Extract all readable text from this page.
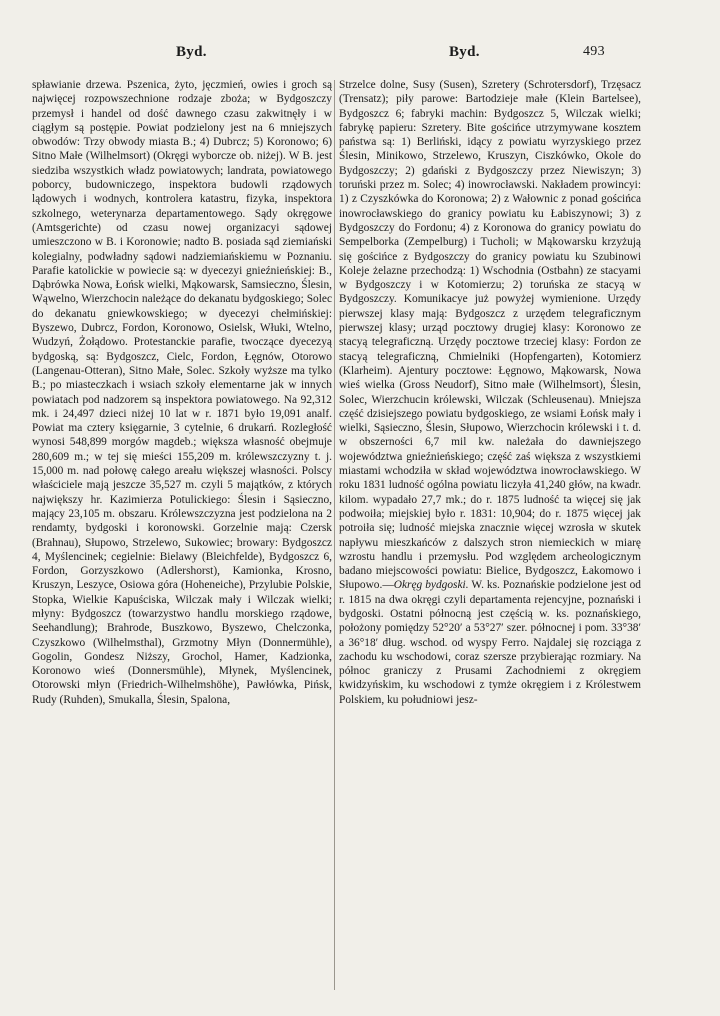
Byd.	Byd.	493

spławianie drzewa. Pszenica, żyto, jęczmień, owies i groch są najwięcej rozpowszechnione rodzaje zboża; w Bydgoszczy przemysł i handel od dość dawnego czasu zakwitnęły i w ciągłym są postępie. Powiat podzielony jest na 6 mniejszych obwodów: Trzy obwody miasta B.; 4) Dubrcz; 5) Koronowo; 6) Sitno Małe (Wilhelmsort) (Okręgi wyborcze ob. niżej). W B. jest siedziba wszystkich władz powiatowych; landrata, powiatowego poborcy, budowniczego, inspektora budowli rządowych lądowych i wodnych, kontrolera katastru, fizyka, inspektora szkolnego, weterynarza departamentowego. Sądy okręgowe (Amtsgerichte) od czasu nowej organizacyi sądowej umieszczono w B. i Koronowie; nadto B. posiada sąd ziemiański kolegialny, podwładny sądowi nadziemiańskiemu w Poznaniu. Parafie katolickie w powiecie są: w dyecezyi gnieźnieńskiej: B., Dąbrówka Nowa, Łońsk wielki, Mąkowarsk, Samsieczno, Ślesin, Wąwelno, Wierzchocin należące do dekanatu bydgoskiego; Solec do dekanatu gniewkowskiego; w dyecezyi chełmińskiej: Byszewo, Dubrcz, Fordon, Koronowo, Osielsk, Włuki, Wtelno, Wudzyń, Żołądowo. Protestanckie parafie, twoczące dyecezyą bydgoską, są: Bydgoszcz, Cielc, Fordon, Łęgnów, Otorowo (Langenau-Otteran), Sitno Małe, Solec. Szkoły wyższe ma tylko B.; po miasteczkach i wsiach szkoły elementarne jak w innych powiatach pod nadzorem są inspektora powiatowego. Na 92,312 mk. i 24,497 dzieci niżej 10 lat w r. 1871 było 19,091 analf. Powiat ma cztery księgarnie, 3 cytelnie, 6 drukarń. Rozległość wynosi 548,899 morgów magdeb.; większa własność obejmuje 280,609 m.; w tej się mieści 155,209 m. królewszczyzny t. j. 15,000 m. nad połowę całego areału większej własności. Polscy właściciele mają jeszcze 35,527 m. czyli 5 majątków, z których największy hr. Kazimierza Potulickiego: Ślesin i Sąsieczno, mający 23,105 m. obszaru. Królewszczyzna jest podzielona na 2 rendamty, bydgoski i koronowski. Gorzelnie mają: Czersk (Brahnau), Słupowo, Strzelewo, Sukowiec; browary: Bydgoszcz 4, Myślencinek; cegielnie: Bielawy (Bleichfelde), Bydgoszcz 6, Fordon, Gorzyszkowo (Adlershorst), Kamionka, Krosno, Kruszyn, Leszyce, Osiowa góra (Hoheneiche), Przylubie Polskie, Stopka, Wielkie Kapuściska, Wilczak mały i Wilczak wielki; młyny: Bydgoszcz (towarzystwo handlu morskiego rządowe, Seehandlung); Brahrode, Buszkowo, Byszewo, Chelczonka, Czyszkowo (Wilhelmsthal), Grzmotny Młyn (Donnermühle), Gogolin, Gondesz Niższy, Grochol, Hamer, Kadzionka, Koronowo wieś (Donnersmühle), Młynek, Myślencinek, Otorowski młyn (Friedrich-Wilhelmshöhe), Pawłówka, Pińsk, Rudy (Ruhden), Smukalla, Ślesin, Spalona,

Strzelce dolne, Susy (Susen), Szretery (Schrotersdorf), Trzęsacz (Trensatz); piły parowe: Bartodzieje małe (Klein Bartelsee), Bydgoszcz 6; fabryki machin: Bydgoszcz 5, Wilczak wielki; fabrykę papieru: Szretery. Bite gościńce utrzymywane kosztem państwa są: 1) Berliński, idący z powiatu wyrzyskiego przez Ślesin, Minikowo, Strzelewo, Kruszyn, Ciszkówko, Okole do Bydgoszczy; 2) gdański z Bydgoszczy przez Niewiszyn; 3) toruński przez m. Solec; 4) inowrocławski. Nakładem prowincyi: 1) z Czyszkówka do Koronowa; 2) z Wałownic z ponad gościńca inowrocławskiego do granicy powiatu ku Łabiszynowi; 3) z Bydgoszczy do Fordonu; 4) z Koronowa do granicy powiatu do Sempelborka (Zempelburg) i Tucholi; w Mąkowarsku krzyżują się gościńce z Bydgoszczy do granicy powiatu ku Szubinowi Koleje żelazne przechodzą: 1) Wschodnia (Ostbahn) ze stacyami w Bydgoszczy i w Kotomierzu; 2) toruńska ze stacyą w Bydgoszczy. Komunikacye już powyżej wymienione. Urzędy pierwszej klasy mają: Bydgoszcz z urzędem telegraficznym pierwszej klasy; urząd pocztowy drugiej klasy: Koronowo ze stacyą telegraficzną. Urzędy pocztowe trzeciej klasy: Fordon ze stacyą telegraficzną, Chmielniki (Hopfengarten), Kotomierz (Klarheim). Ajentury pocztowe: Łęgnowo, Mąkowarsk, Nowa wieś wielka (Gross Neudorf), Sitno małe (Wilhelmsort), Ślesin, Solec, Wierzchucin królewski, Wilczak (Schleusenau). Mniejsza część dzisiejszego powiatu bydgoskiego, ze wsiami Łońsk mały i wielki, Sąsieczno, Ślesin, Słupowo, Wierzchocin królewski i t. d. w obszerności 6,7 mil kw. należała do dawniejszego województwa gnieźnieńskiego; część zaś większa z wszystkiemi miastami wchodziła w skład województwa inowrocławskiego. W roku 1831 ludność ogólna powiatu liczyła 41,240 głów, na kwadr. kilom. wypadało 27,7 mk.; do r. 1875 ludność ta więcej się jak podwoiła; miejskiej było r. 1831: 10,904; do r. 1875 więcej jak potroiła się; ludność miejska znacznie więcej wzrosła w skutek napływu mieszkańców z dalszych stron niemieckich w miarę wzrostu handlu i przemysłu. Pod względem archeologicznym badano miejscowości powiatu: Bielice, Bydgoszcz, Łakomowo i Słupowo.—Okręg bydgoski. W. ks. Poznańskie podzielone jest od r. 1815 na dwa okręgi czyli departamenta rejencyjne, poznański i bydgoski. Ostatni północną jest częścią w. ks. poznańskiego, położony pomiędzy 52°20′ a 53°27′ szer. północnej i pom. 33°38′ a 36°18′ dług. wschod. od wyspy Ferro. Najdalej się rozciąga z zachodu ku wschodowi, coraz szersze przybierając rozmiary. Na północ graniczy z Prusami Zachodniemi z okręgiem kwidzyńskim, ku wschodowi z tymże okręgiem i z Królestwem Polskiem, ku południowi jesz-
